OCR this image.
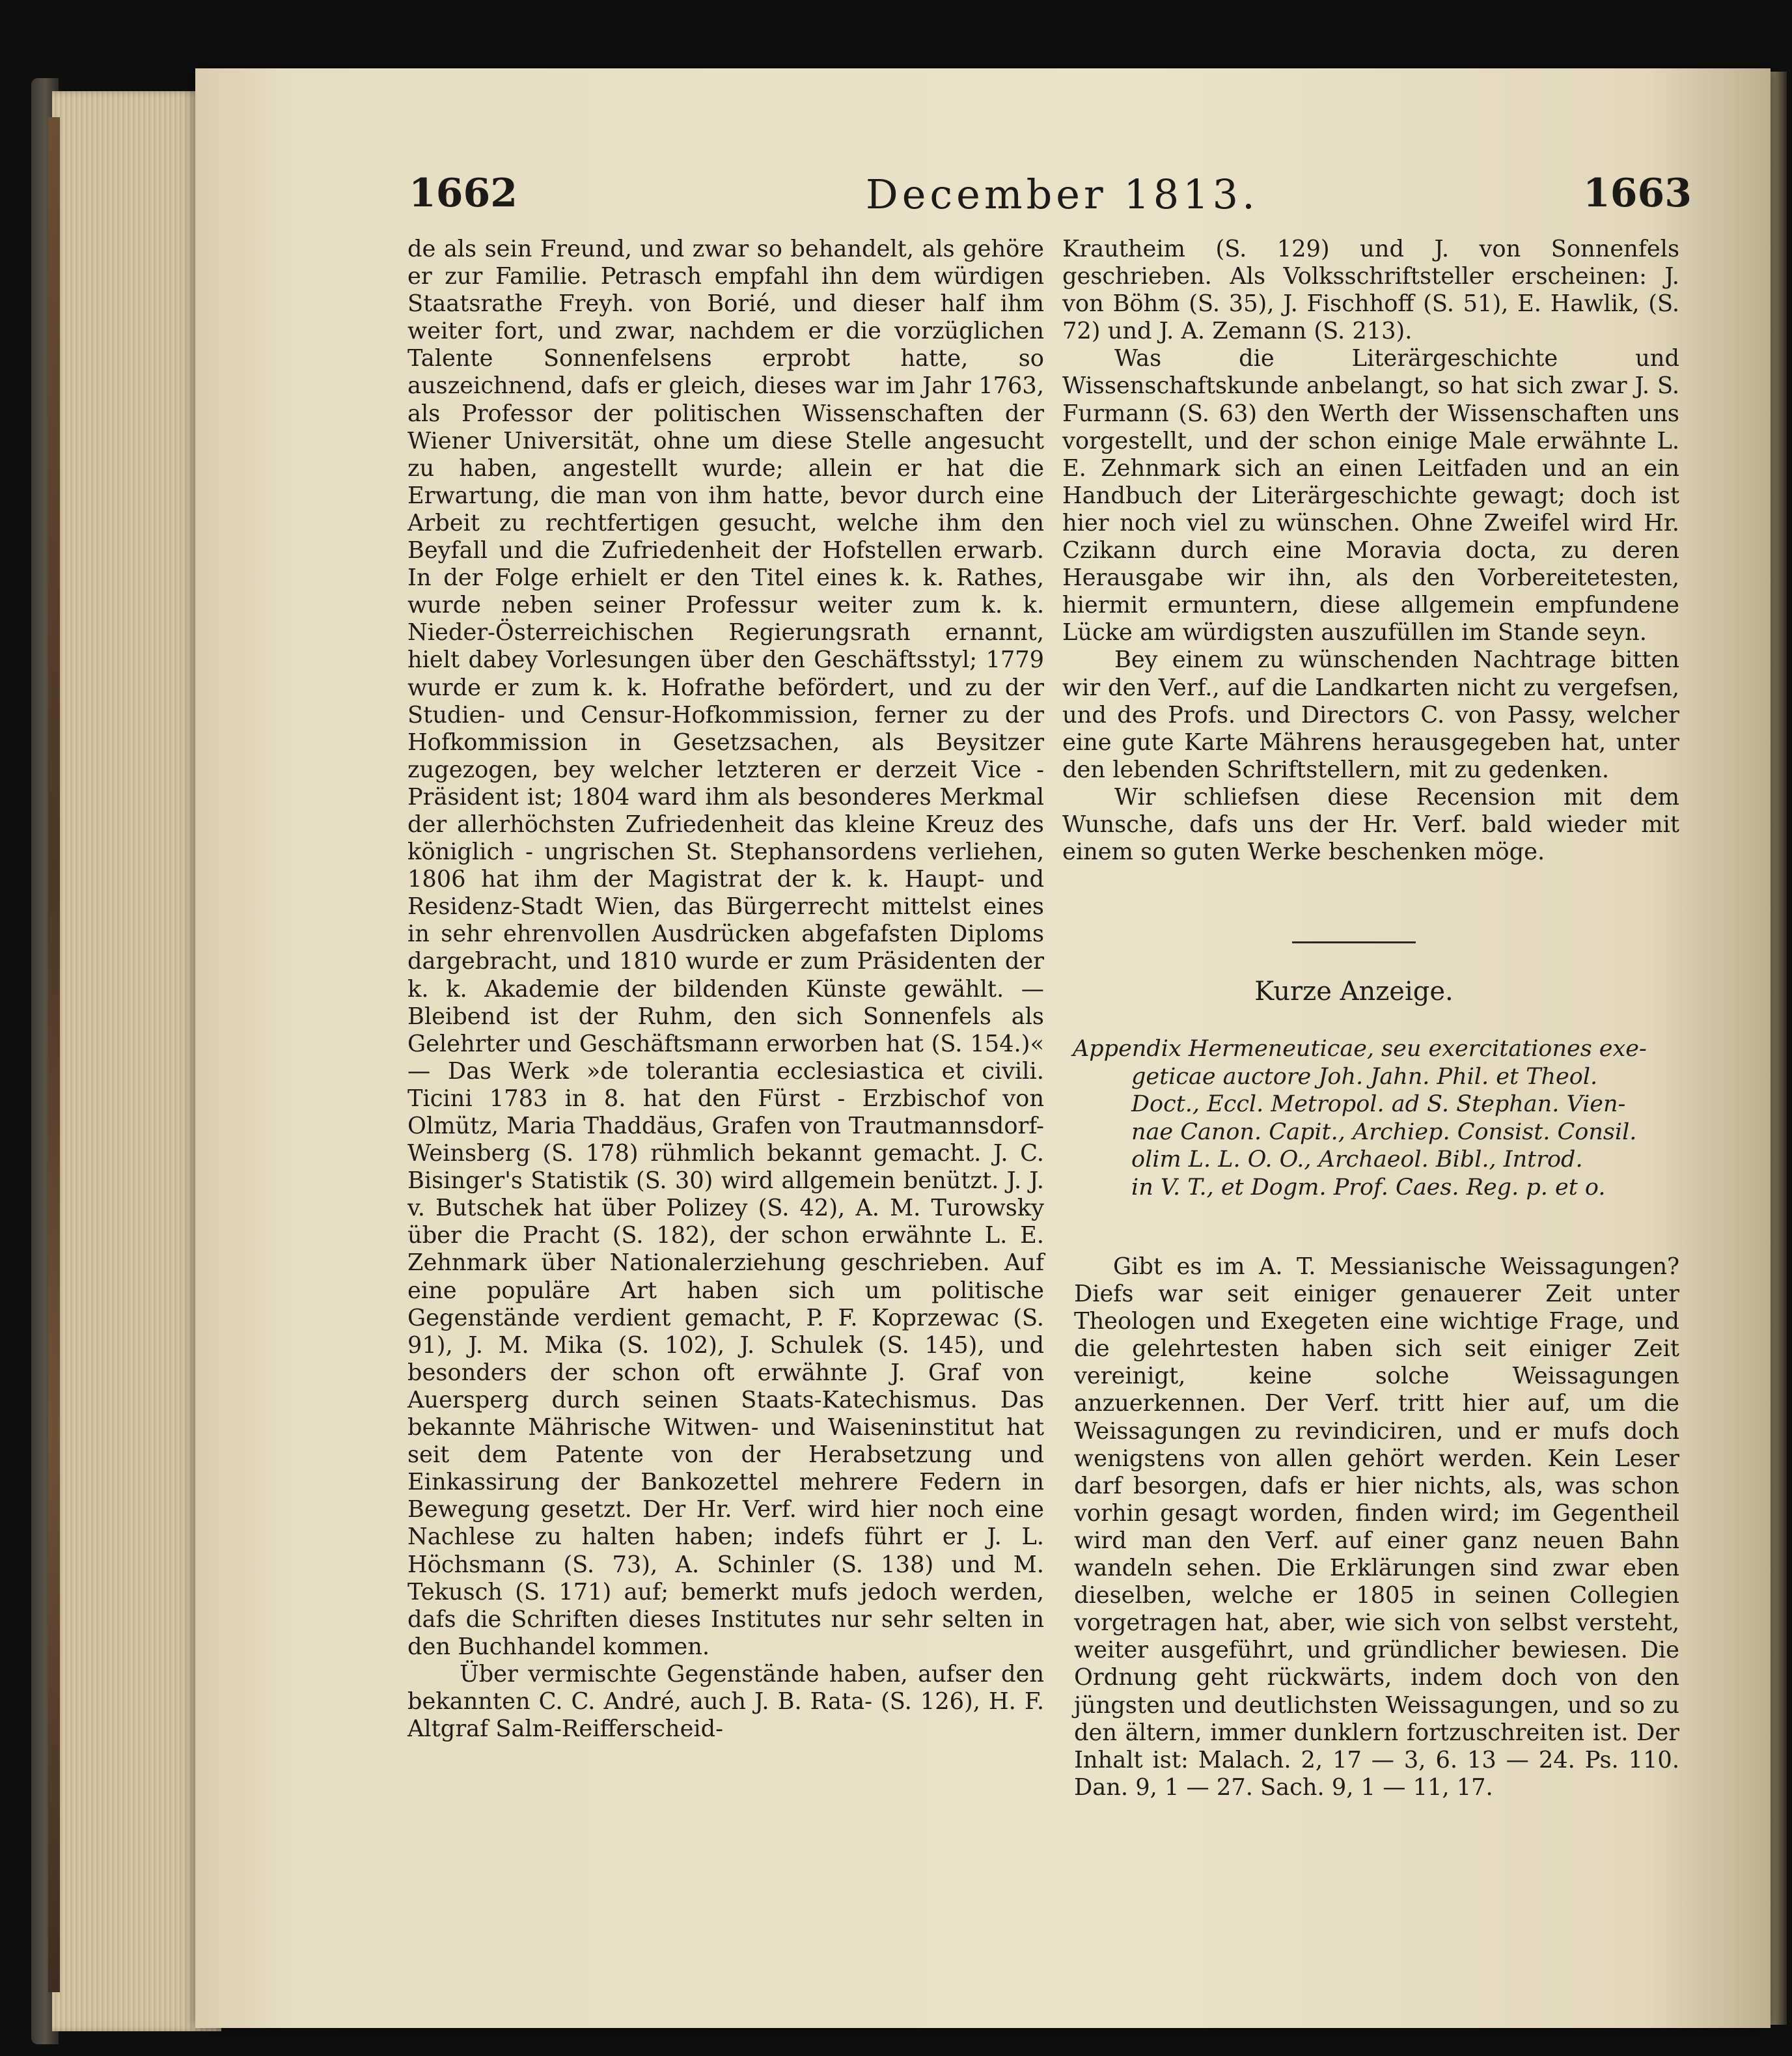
1662	December 1813.	1663

de als sein Freund, und zwar so behandelt, als gehöre er zur Familie. Petrasch empfahl ihn dem würdigen Staatsrathe Freyh. von Borié, und dieser half ihm weiter fort, und zwar, nachdem er die vorzüglichen Talente Sonnenfelsens erprobt hatte, so auszeichnend, dafs er gleich, dieses war im Jahr 1763, als Professor der politischen Wissenschaften der Wiener Universität, ohne um diese Stelle angesucht zu haben, angestellt wurde; allein er hat die Erwartung, die man von ihm hatte, bevor durch eine Arbeit zu rechtfertigen gesucht, welche ihm den Beyfall und die Zufriedenheit der Hofstellen erwarb. In der Folge erhielt er den Titel eines k. k. Rathes, wurde neben seiner Professur weiter zum k. k. Nieder-Österreichischen Regierungsrath ernannt, hielt dabey Vorlesungen über den Geschäftsstyl; 1779 wurde er zum k. k. Hofrathe befördert, und zu der Studien- und Censur-Hofkommission, ferner zu der Hofkommission in Gesetzsachen, als Beysitzer zugezogen, bey welcher letzteren er derzeit Vice - Präsident ist; 1804 ward ihm als besonderes Merkmal der allerhöchsten Zufriedenheit das kleine Kreuz des königlich - ungrischen St. Stephansordens verliehen, 1806 hat ihm der Magistrat der k. k. Haupt- und Residenz-Stadt Wien, das Bürgerrecht mittelst eines in sehr ehrenvollen Ausdrücken abgefafsten Diploms dargebracht, und 1810 wurde er zum Präsidenten der k. k. Akademie der bildenden Künste gewählt. — Bleibend ist der Ruhm, den sich Sonnenfels als Gelehrter und Geschäftsmann erworben hat (S. 154.)« — Das Werk »de tolerantia ecclesiastica et civili. Ticini 1783 in 8. hat den Fürst - Erzbischof von Olmütz, Maria Thaddäus, Grafen von Trautmannsdorf-Weinsberg (S. 178) rühmlich bekannt gemacht. J. C. Bisinger's Statistik (S. 30) wird allgemein benützt. J. J. v. Butschek hat über Polizey (S. 42), A. M. Turowsky über die Pracht (S. 182), der schon erwähnte L. E. Zehnmark über Nationalerziehung geschrieben. Auf eine populäre Art haben sich um politische Gegenstände verdient gemacht, P. F. Koprzewac (S. 91), J. M. Mika (S. 102), J. Schulek (S. 145), und besonders der schon oft erwähnte J. Graf von Auersperg durch seinen Staats-Katechismus. Das bekannte Mährische Witwen- und Waiseninstitut hat seit dem Patente von der Herabsetzung und Einkassirung der Bankozettel mehrere Federn in Bewegung gesetzt. Der Hr. Verf. wird hier noch eine Nachlese zu halten haben; indefs führt er J. L. Höchsmann (S. 73), A. Schinler (S. 138) und M. Tekusch (S. 171) auf; bemerkt mufs jedoch werden, dafs die Schriften dieses Institutes nur sehr selten in den Buchhandel kommen.

Über vermischte Gegenstände haben, aufser den bekannten C. C. André, auch J. B. Rata- (S. 126), H. F. Altgraf Salm-Reifferscheid-

Krautheim (S. 129) und J. von Sonnenfels geschrieben. Als Volksschriftsteller erscheinen: J. von Böhm (S. 35), J. Fischhoff (S. 51), E. Hawlik, (S. 72) und J. A. Zemann (S. 213).

Was die Literärgeschichte und Wissenschaftskunde anbelangt, so hat sich zwar J. S. Furmann (S. 63) den Werth der Wissenschaften uns vorgestellt, und der schon einige Male erwähnte L. E. Zehnmark sich an einen Leitfaden und an ein Handbuch der Literärgeschichte gewagt; doch ist hier noch viel zu wünschen. Ohne Zweifel wird Hr. Czikann durch eine Moravia docta, zu deren Herausgabe wir ihn, als den Vorbereitetesten, hiermit ermuntern, diese allgemein empfundene Lücke am würdigsten auszufüllen im Stande seyn.

Bey einem zu wünschenden Nachtrage bitten wir den Verf., auf die Landkarten nicht zu vergefsen, und des Profs. und Directors C. von Passy, welcher eine gute Karte Mährens herausgegeben hat, unter den lebenden Schriftstellern, mit zu gedenken.

Wir schliefsen diese Recension mit dem Wunsche, dafs uns der Hr. Verf. bald wieder mit einem so guten Werke beschenken möge.

Kurze Anzeige.
Appendix Hermeneuticae, seu exercitationes exe-
geticae auctore Joh. Jahn. Phil. et Theol.
Doct., Eccl. Metropol. ad S. Stephan. Vien-
nae Canon. Capit., Archiep. Consist. Consil.
olim L. L. O. O., Archaeol. Bibl., Introd.
in V. T., et Dogm. Prof. Caes. Reg. p. et o.

Gibt es im A. T. Messianische Weissagungen? Diefs war seit einiger genauerer Zeit unter Theologen und Exegeten eine wichtige Frage, und die gelehrtesten haben sich seit einiger Zeit vereinigt, keine solche Weissagungen anzuerkennen. Der Verf. tritt hier auf, um die Weissagungen zu revindiciren, und er mufs doch wenigstens von allen gehört werden. Kein Leser darf besorgen, dafs er hier nichts, als, was schon vorhin gesagt worden, finden wird; im Gegentheil wird man den Verf. auf einer ganz neuen Bahn wandeln sehen. Die Erklärungen sind zwar eben dieselben, welche er 1805 in seinen Collegien vorgetragen hat, aber, wie sich von selbst versteht, weiter ausgeführt, und gründlicher bewiesen. Die Ordnung geht rückwärts, indem doch von den jüngsten und deutlichsten Weissagungen, und so zu den ältern, immer dunklern fortzuschreiten ist. Der Inhalt ist: Malach. 2, 17 — 3, 6. 13 — 24. Ps. 110. Dan. 9, 1 — 27. Sach. 9, 1 — 11, 17.
